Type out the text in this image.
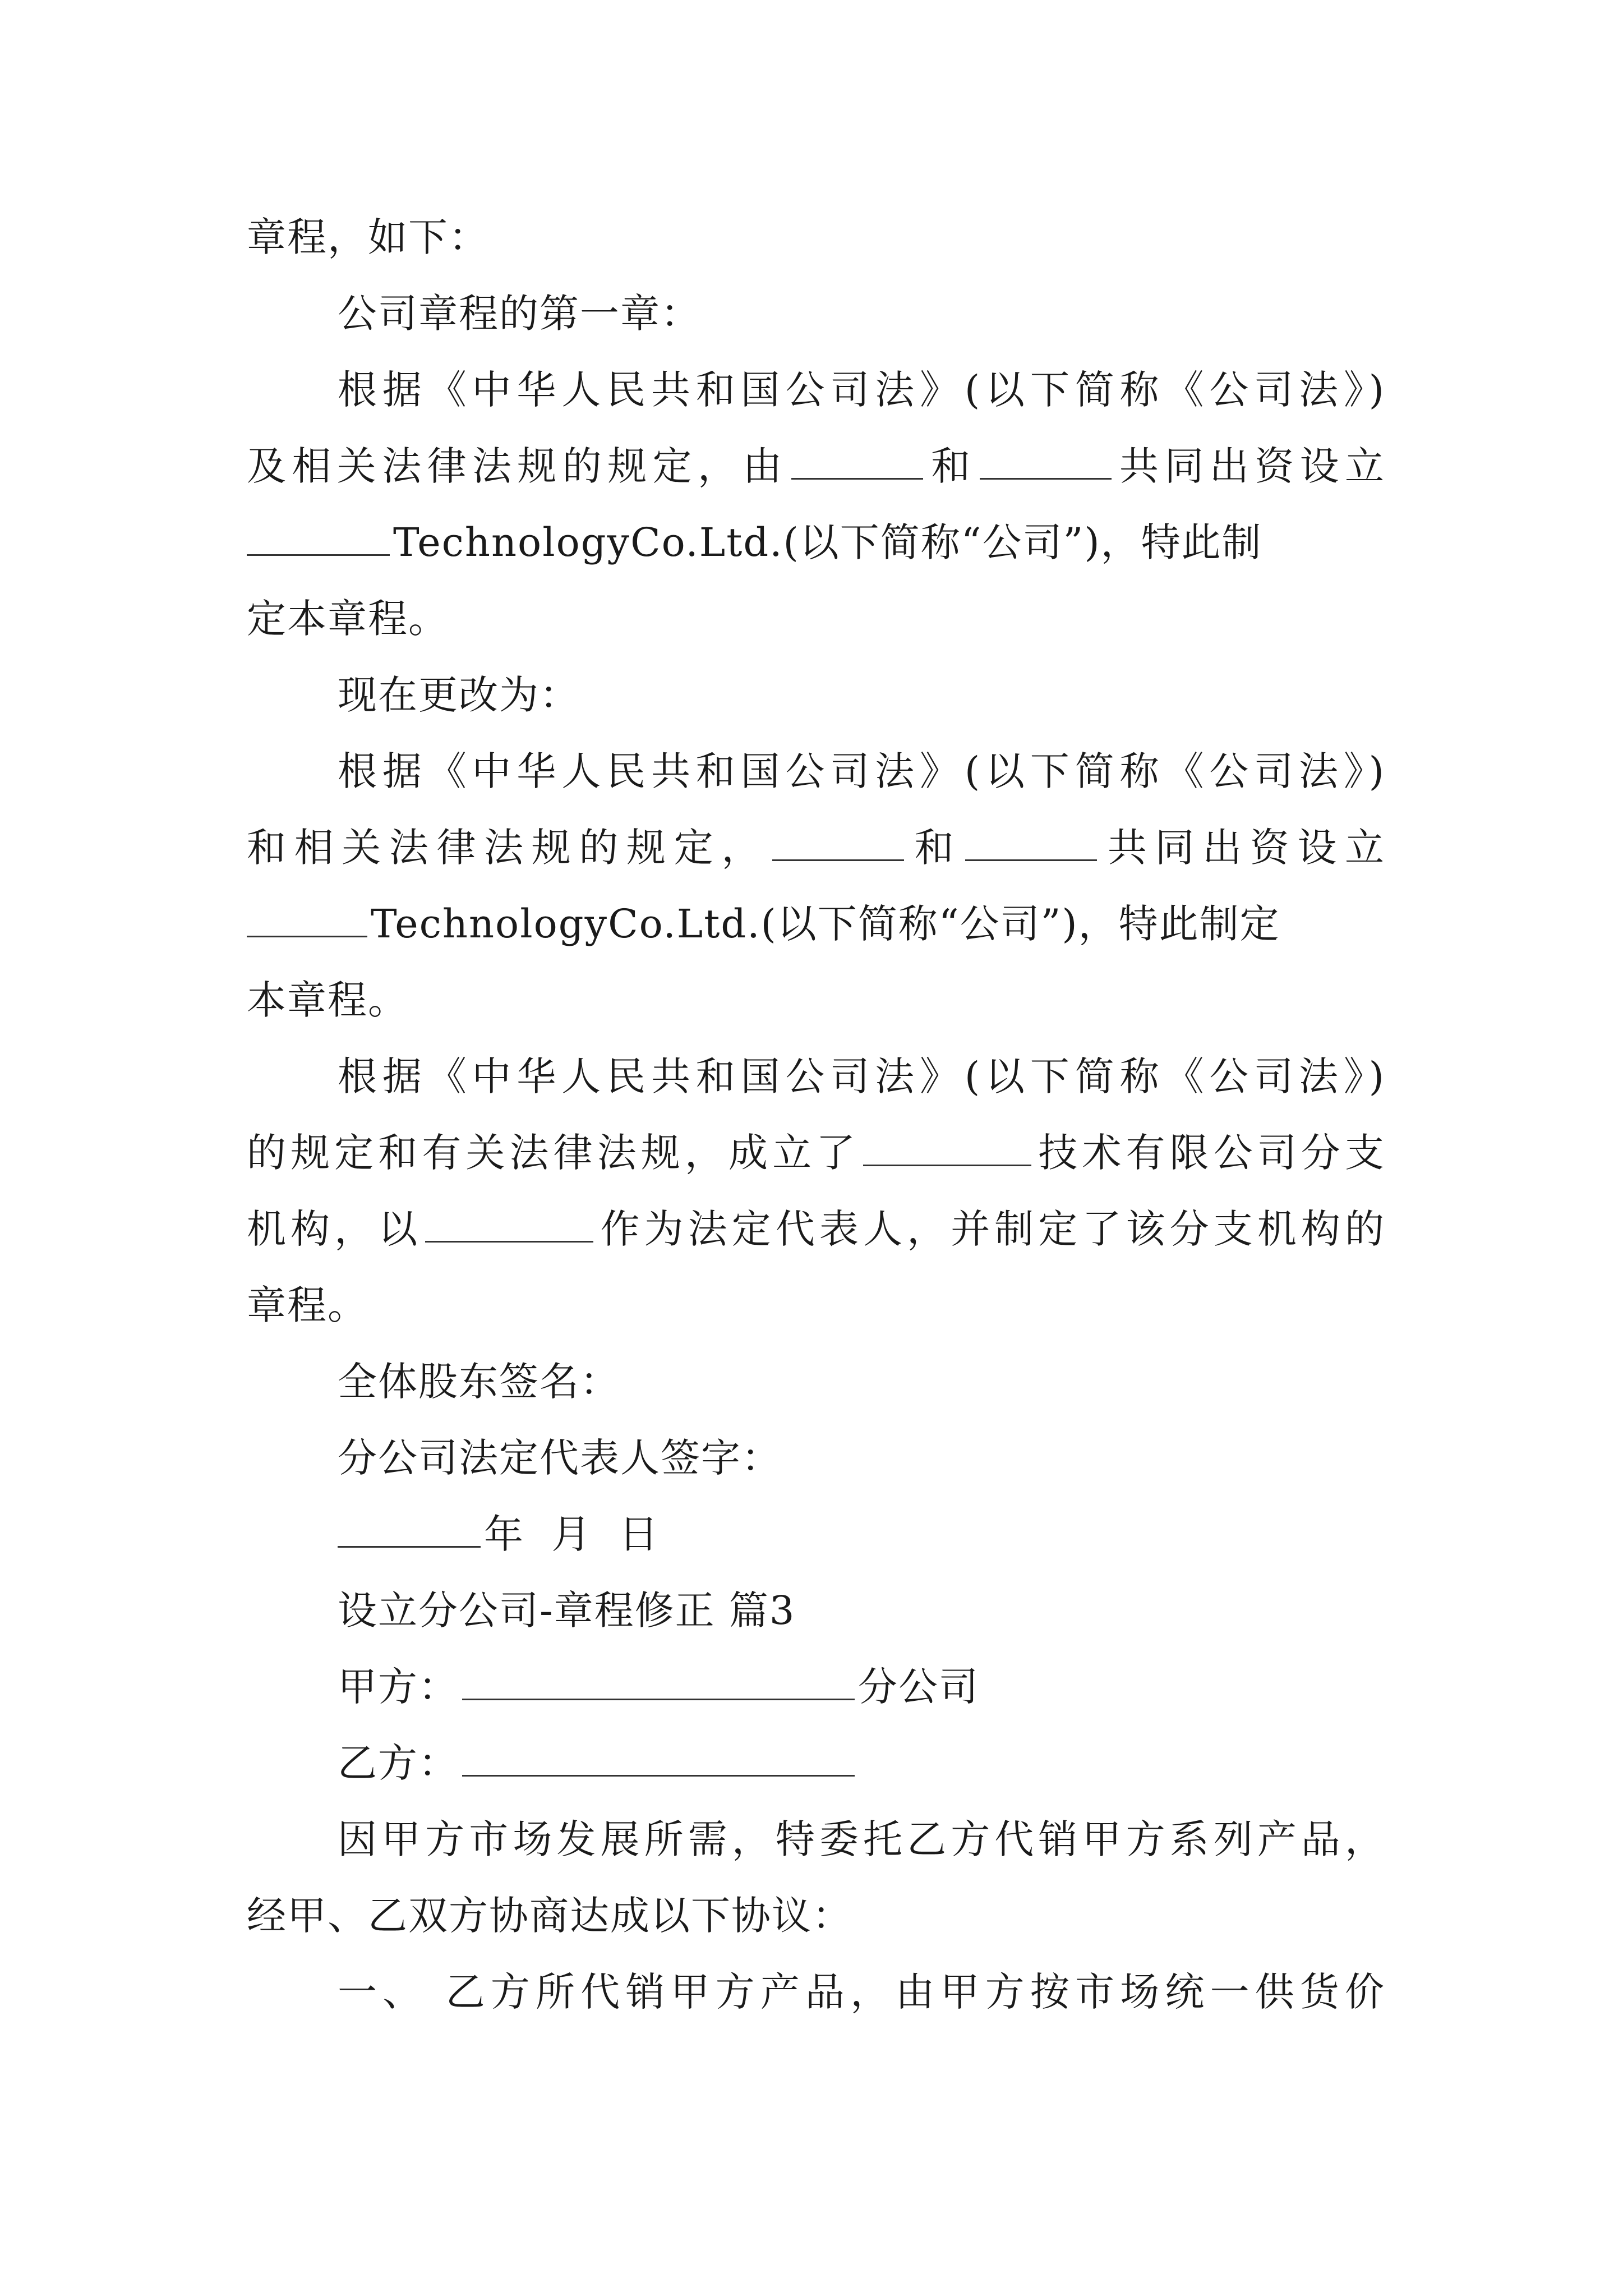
章程，如下：
公司章程的第一章：
根据《中华人民共和国公司法》(以下简称《公司法》)
及相关法律法规的规定，由	和	共同出资设立
TechnologyCo.Ltd.(以下简称“公司”)，特此制
定本章程。
现在更改为：
根据《中华人民共和国公司法》(以下简称《公司法》)
和相关法律法规的规定，	和	共同出资设立
TechnologyCo.Ltd.(以下简称“公司”)，特此制定
本章程。
根据《中华人民共和国公司法》(以下简称《公司法》)
的规定和有关法律法规，成立了	技术有限公司分支
机构，以	作为法定代表人，并制定了该分支机构的
章程。
全体股东签名：
分公司法定代表人签字：
年 月 日
设立分公司-章程修正 篇3
甲方：	分公司
乙方：
因甲方市场发展所需，特委托乙方代销甲方系列产品，
经甲、乙双方协商达成以下协议：
一、 乙方所代销甲方产品，由甲方按市场统一供货价
